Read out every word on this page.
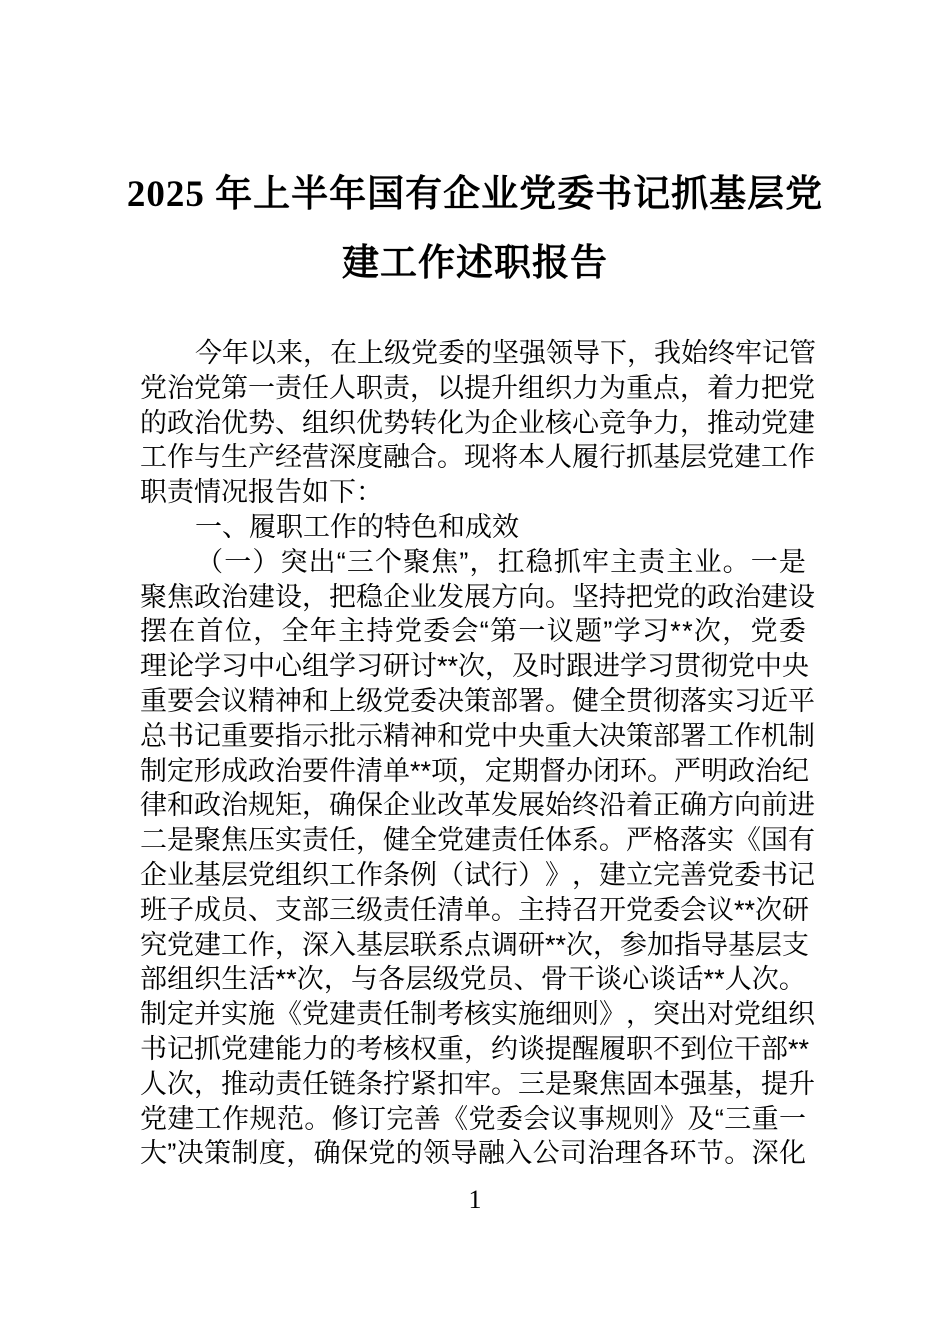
2025 年上半年国有企业党委书记抓基层党
建工作述职报告
今 年 以 来 ， 在 上 级 党 委 的 坚 强 领 导 下 ， 我 始 终 牢 记 管
党 治 党 第 一 责 任 人 职 责 ， 以 提 升 组 织 力 为 重 点 ， 着 力 把 党
的 政 治 优 势 、 组 织 优 势 转 化 为 企 业 核 心 竞 争 力 ， 推 动 党 建
工 作 与 生 产 经 营 深 度 融 合 。 现 将 本 人 履 行 抓 基 层 党 建 工 作
职责情况报告如下：
一、履职工作的特色和成效
（ 一 ） 突 出 “ 三 个 聚 焦 ” ， 扛 稳 抓 牢 主 责 主 业 。 一 是
聚 焦 政 治 建 设 ， 把 稳 企 业 发 展 方 向 。 坚 持 把 党 的 政 治 建 设
摆 在 首 位 ， 全 年 主 持 党 委 会 “ 第 一 议 题 ” 学 习 * * 次 ， 党 委
理 论 学 习 中 心 组 学 习 研 讨 * * 次 ， 及 时 跟 进 学 习 贯 彻 党 中 央
重 要 会 议 精 神 和 上 级 党 委 决 策 部 署 。 健 全 贯 彻 落 实 习 近 平
总 书 记 重 要 指 示 批 示 精 神 和 党 中 央 重 大 决 策 部 署 工 作 机 制
制 定 形 成 政 治 要 件 清 单 * * 项 ， 定 期 督 办 闭 环 。 严 明 政 治 纪
律 和 政 治 规 矩 ， 确 保 企 业 改 革 发 展 始 终 沿 着 正 确 方 向 前 进
二 是 聚 焦 压 实 责 任 ， 健 全 党 建 责 任 体 系 。 严 格 落 实 《 国 有
企 业 基 层 党 组 织 工 作 条 例 （ 试 行 ） 》 ， 建 立 完 善 党 委 书 记
班 子 成 员 、 支 部 三 级 责 任 清 单 。 主 持 召 开 党 委 会 议 * * 次 研
究 党 建 工 作 ， 深 入 基 层 联 系 点 调 研 * * 次 ， 参 加 指 导 基 层 支
部 组 织 生 活 * * 次 ， 与 各 层 级 党 员 、 骨 干 谈 心 谈 话 * * 人 次 。
制 定 并 实 施 《 党 建 责 任 制 考 核 实 施 细 则 》 ， 突 出 对 党 组 织
书 记 抓 党 建 能 力 的 考 核 权 重 ， 约 谈 提 醒 履 职 不 到 位 干 部 * *
人 次 ， 推 动 责 任 链 条 拧 紧 扣 牢 。 三 是 聚 焦 固 本 强 基 ， 提 升
党 建 工 作 规 范 。 修 订 完 善 《 党 委 会 议 事 规 则 》 及 “ 三 重 一
大 ” 决 策 制 度 ， 确 保 党 的 领 导 融 入 公 司 治 理 各 环 节 。 深 化
1
